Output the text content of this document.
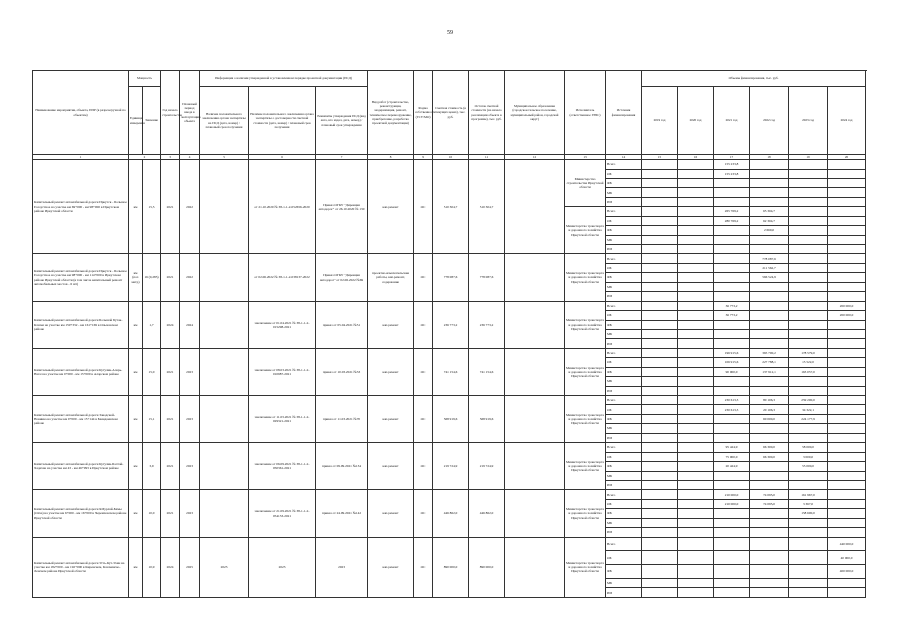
59
Наименование мероприятия, объекта, ППР (в разрезе/ручной по объектам)	Мощность		Год начала строительства	Плановый период ввода в эксплуатацию объекта	Информация о наличии утвержденной в установленном порядке проектной документации (ПСД)			Вид работ (строительство, реконструкция, модернизация, ремонт, техническое перевооружение, приобретение, разработка проектной документации)	Форма собственности (ГСУ/МО)	Сметная стоимость (в текущих ценах), тыс. руб.	Остаток сметной стоимости (на начало реализации объекта в программе), тыс. руб.	Муниципальное образование (городское/сельское поселение, муниципальный район, городской округ)	Исполнитель (ответственное ГРБС)	Источник финансирования	Объемы финансирования, тыс. руб.						
	Единица измерения	Значение			Наличие положительного заключения органа экспертизы на ПСД (дата, номер) / плановый срок получения	Наличие положительного заключения органа экспертизы о достоверности сметной стоимости (дата, номер) / плановый срок получения	Реквизиты утверждения ПСД (вид акта, кто издал, дата, номер) / плановый срок утверждения								2019 год	2020 год	2021 год	2022 год	2023 год	2024 год	
1	2		3	4	5	6	7	8	9	10	11	12	13	14	15	16	17	18	19	20	
Капитальный ремонт автомобильной дороги Иркутск - Большое Голоустное на участке км 69+000 - км 98+000 в Иркутском районе Иркутской области	км	15,5	2021	2022		от 21.10.2020 № 38-1-1-2-052656-2020	Приказ ОГКУ "Дирекция автодорог" от 26.10.2020 № 130	кап.ремонт	ОС	510 304,7	510 304,7		Министерство строительства Иркутской области	Всего			155 233,8				
														ОБ			155 233,8				
														ФБ							
														МБ							
														ИИ							
													Министерство транспорта и дорожного хозяйства Иркутской области	Всего			265 769,2	65 304,7			
														ОБ			280 769,2	62 304,7			
														ФБ				2 669,0			
														МБ							
														ИИ							
Капитальный ремонт автомобильной дороги Иркутск - Большое Голоустное на участке км 98+000 - км 114+000 в Иркутском районе Иркутской области (в том числе капитальный ремонт автомобильных мостов - 6 шт)	км (пог. метр)	16 (0,285)	2021	2022		от 02.06.2022 № 38-1-1-2-038137-2022	Приказ ОГКУ "Дирекция автодорог" от 02.06.2022 №69	проектно-изыскательские работы, кап.ремонт, содержание	ОС	778 087,6	778 087,6		Министерство транспорта и дорожного хозяйства Иркутской области	Всего				778 087,6			
														ОБ				211 562,7			
														ФБ				566 524,9			
														МБ							
														ИИ							
Капитальный ремонт автомобильной дороги Большой Бутак-Ключи на участке км 159+332 - км 161+169 в Ольхонском районе	км	1,7	2024	2024		заключение от 01.04.2021 № 38-1-1-2-015298-2021	приказ от 05.04.2021 №51	кап.ремонт	ОС	236 773,2	236 773,2		Министерство транспорта и дорожного хозяйства Иркутской области	Всего			36 773,2			200 000,0	
														ОБ			36 773,2			200 000,0	
														ФБ							
														МБ							
														ИИ							
Капитальный ремонт автомобильной дороги Кутулик-Аларь-Нагал на участке км 0+000 - км 15+000 в Аларском районе	км	15,0	2021	2023		заключение от 08.03.2021 № 38-1-1-2-010987-2021	приказ от 10.03.2021 №33	кап.ремонт	ОС	741 154,6	741 154,6		Министерство транспорта и дорожного хозяйства Иркутской области	Всего			196 915,6	365 700,2	178 579,0		
														ОБ			106 915,6	227 788,1	15 522,0		
														ФБ			90 000,0	137 912,1	163 057,0		
														МБ							
														ИИ							
Капитальный ремонт автомобильной дороги Заводской-Новинка на участке км 0+000 - км 15+144 в Баяндаевском районе	км	15,1	2021	2023		заключение от 11.03.2021 № 38-1-1-2-029321-2021	приказ от 11.03.2021 №70	кап.ремонт	ОС	568 919,6	568 919,6		Министерство транспорта и дорожного хозяйства Иркутской области	Всего			230 613,3	80 106,3	259 200,0		
														ОБ			230 613,3	20 106,3	34 322,1		
														ФБ				60 000,0	224 177,9		
														МБ							
														ИИ							
Капитальный ремонт автомобильной дороги Кутулик-Балтай-Хадахан на участке км 43 - км 46+993 в Иркутском районе	км	3,9	2021	2023		заключение от 06.09.2021 № 38-1-1-2-050361-2021	приказ от 09.09.2021 №134	кап.ремонт	ОС	219 724,9	219 724,9		Министерство транспорта и дорожного хозяйства Иркутской области	Всего			95 424,9	66 300,0	58 000,0		
														ОБ			75 000,0	66 300,0	3 000,0		
														ФБ			20 424,9		55 000,0		
														МБ							
														ИИ							
Капитальный ремонт автомобильной дороги Я.Бурлай-Бамы (Олха) на участке км 6+000 - км 16+000 в Черемховском районе Иркутской области	км	10,0	2021	2023		заключение от 21.09.2021 № 38-1-1-2-054133-2021	приказ от 24.09.2021 №142	кап.ремонт	ОС	446 862,0	446 862,0		Министерство транспорта и дорожного хозяйства Иркутской области	Всего			210 000,0	74 095,0	161 967,0		
														ОБ			210 000,0	74 095,0	3 367,0		
														ФБ					158 600,0		
														МБ							
														ИИ							
Капитальный ремонт автомобильной дороги Усть-Кут-Уоян на участке км 182+000 - км 192+000 в Киренском, Казачинско-Ленском районе Иркутской области	км	10,9	2024	2025	2023	2023	2023	кап.ремонт	ОС	890 000,0	890 000,0		Министерство транспорта и дорожного хозяйства Иркутской области	Всего						440 000,0	
														ОБ						40 000,0	
														ФБ						400 000,0	
														МБ							
														ИИ							
